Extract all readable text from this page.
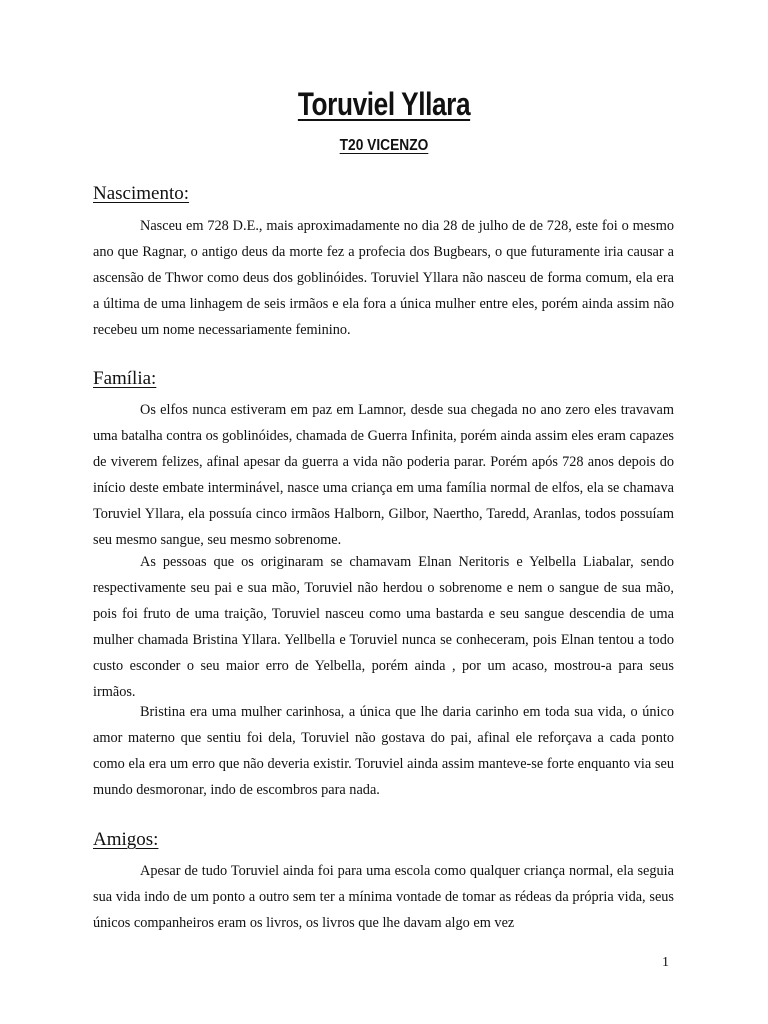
Toruviel Yllara
T20 VICENZO
Nascimento:

Nasceu em 728 D.E., mais aproximadamente no dia 28 de julho de de 728, este foi o mesmo ano que Ragnar, o antigo deus da morte fez a profecia dos Bugbears, o que futuramente iria causar a ascensão de Thwor como deus dos goblinóides. Toruviel Yllara não nasceu de forma comum, ela era a última de uma linhagem de seis irmãos e ela fora a única mulher entre eles, porém ainda assim não recebeu um nome necessariamente feminino.

Família:

Os elfos nunca estiveram em paz em Lamnor, desde sua chegada no ano zero eles travavam uma batalha contra os goblinóides, chamada de Guerra Infinita, porém ainda assim eles eram capazes de viverem felizes, afinal apesar da guerra a vida não poderia parar. Porém após 728 anos depois do início deste embate interminável, nasce uma criança em uma família normal de elfos, ela se chamava Toruviel Yllara, ela possuía cinco irmãos Halborn, Gilbor, Naertho, Taredd, Aranlas, todos possuíam seu mesmo sangue, seu mesmo sobrenome.

As pessoas que os originaram se chamavam Elnan Neritoris e Yelbella Liabalar, sendo respectivamente seu pai e sua mão, Toruviel não herdou o sobrenome e nem o sangue de sua mão, pois foi fruto de uma traição, Toruviel nasceu como uma bastarda e seu sangue descendia de uma mulher chamada Bristina Yllara. Yellbella e Toruviel nunca se conheceram, pois Elnan tentou a todo custo esconder o seu maior erro de Yelbella, porém ainda , por um acaso, mostrou-a para seus irmãos.

Bristina era uma mulher carinhosa, a única que lhe daria carinho em toda sua vida, o único amor materno que sentiu foi dela, Toruviel não gostava do pai, afinal ele reforçava a cada ponto como ela era um erro que não deveria existir. Toruviel ainda assim manteve-se forte enquanto via seu mundo desmoronar, indo de escombros para nada.

Amigos:

Apesar de tudo Toruviel ainda foi para uma escola como qualquer criança normal, ela seguia sua vida indo de um ponto a outro sem ter a mínima vontade de tomar as rédeas da própria vida, seus únicos companheiros eram os livros, os livros que lhe davam algo em vez

1
